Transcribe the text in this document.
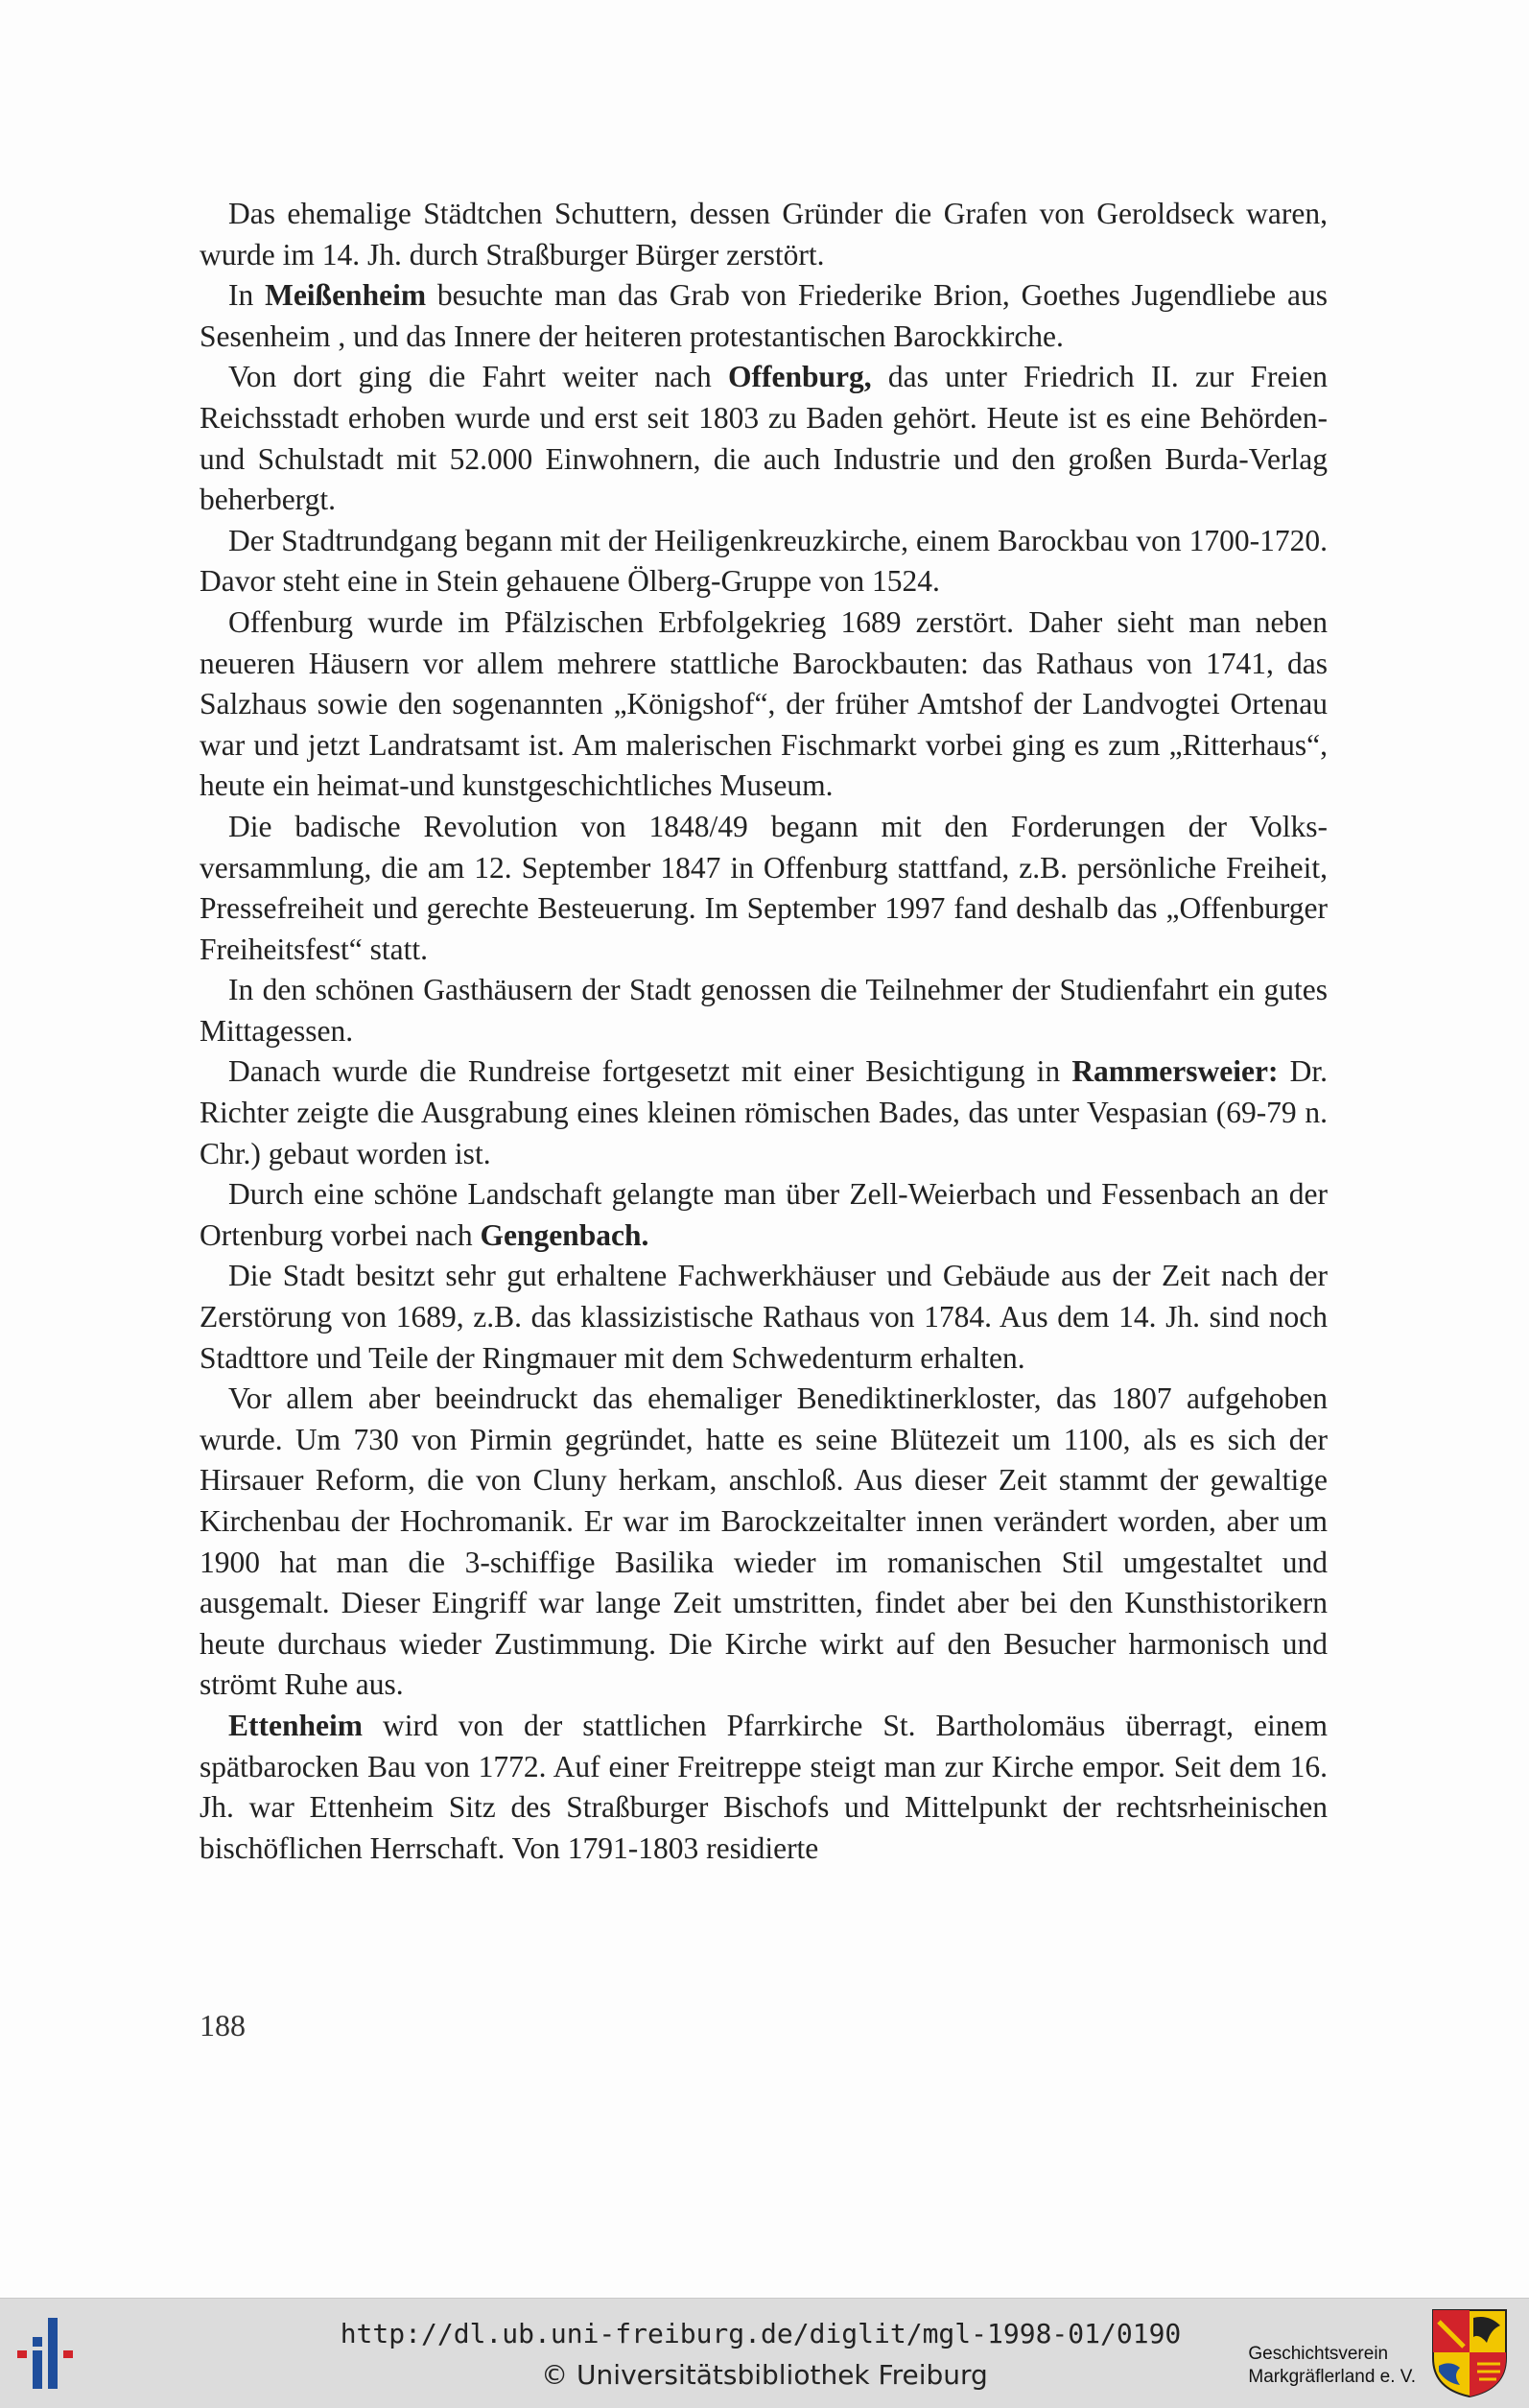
Das ehemalige Städtchen Schuttern, dessen Gründer die Grafen von Geroldseck waren, wurde im 14. Jh. durch Straßburger Bürger zerstört.

In Meißenheim besuchte man das Grab von Friederike Brion, Goethes Jugendliebe aus Sesenheim , und das Innere der heiteren protestantischen Barockkirche.

Von dort ging die Fahrt weiter nach Offenburg, das unter Friedrich II. zur Freien Reichsstadt erhoben wurde und erst seit 1803 zu Baden gehört. Heute ist es eine Behörden- und Schulstadt mit 52.000 Einwohnern, die auch Industrie und den großen Burda-Verlag beherbergt.

Der Stadtrundgang begann mit der Heiligenkreuzkirche, einem Barockbau von 1700-1720. Davor steht eine in Stein gehauene Ölberg-Gruppe von 1524.

Offenburg wurde im Pfälzischen Erbfolgekrieg 1689 zerstört. Daher sieht man neben neueren Häusern vor allem mehrere stattliche Barockbauten: das Rathaus von 1741, das Salzhaus sowie den sogenannten „Königshof“, der früher Amtshof der Landvogtei Ortenau war und jetzt Landratsamt ist. Am malerischen Fischmarkt vorbei ging es zum „Ritterhaus“, heute ein heimat-und kunstgeschichtliches Museum.

Die badische Revolution von 1848/49 begann mit den Forderungen der Volksversammlung, die am 12. September 1847 in Offenburg stattfand, z.B. persönliche Freiheit, Pressefreiheit und gerechte Besteuerung. Im September 1997 fand deshalb das „Offenburger Freiheitsfest“ statt.

In den schönen Gasthäusern der Stadt genossen die Teilnehmer der Studienfahrt ein gutes Mittagessen.

Danach wurde die Rundreise fortgesetzt mit einer Besichtigung in Rammersweier: Dr. Richter zeigte die Ausgrabung eines kleinen römischen Bades, das unter Vespasian (69-79 n. Chr.) gebaut worden ist.

Durch eine schöne Landschaft gelangte man über Zell-Weierbach und Fessenbach an der Ortenburg vorbei nach Gengenbach.

Die Stadt besitzt sehr gut erhaltene Fachwerkhäuser und Gebäude aus der Zeit nach der Zerstörung von 1689, z.B. das klassizistische Rathaus von 1784. Aus dem 14. Jh. sind noch Stadttore und Teile der Ringmauer mit dem Schwedenturm erhalten.

Vor allem aber beeindruckt das ehemaliger Benediktinerkloster, das 1807 aufgehoben wurde. Um 730 von Pirmin gegründet, hatte es seine Blütezeit um 1100, als es sich der Hirsauer Reform, die von Cluny herkam, anschloß. Aus dieser Zeit stammt der gewaltige Kirchenbau der Hochromanik. Er war im Barockzeitalter innen verändert worden, aber um 1900 hat man die 3-schiffige Basilika wieder im romanischen Stil umgestaltet und ausgemalt. Dieser Eingriff war lange Zeit umstritten, findet aber bei den Kunsthistorikern heute durchaus wieder Zustimmung. Die Kirche wirkt auf den Besucher harmonisch und strömt Ruhe aus.

Ettenheim wird von der stattlichen Pfarrkirche St. Bartholomäus überragt, einem spätbarocken Bau von 1772. Auf einer Freitreppe steigt man zur Kirche empor. Seit dem 16. Jh. war Ettenheim Sitz des Straßburger Bischofs und Mittelpunkt der rechtsrheinischen bischöflichen Herrschaft. Von 1791-1803 residierte

188
http://dl.ub.uni-freiburg.de/diglit/mgl-1998-01/0190
© Universitätsbibliothek Freiburg
Geschichtsverein
Markgräflerland e. V.
